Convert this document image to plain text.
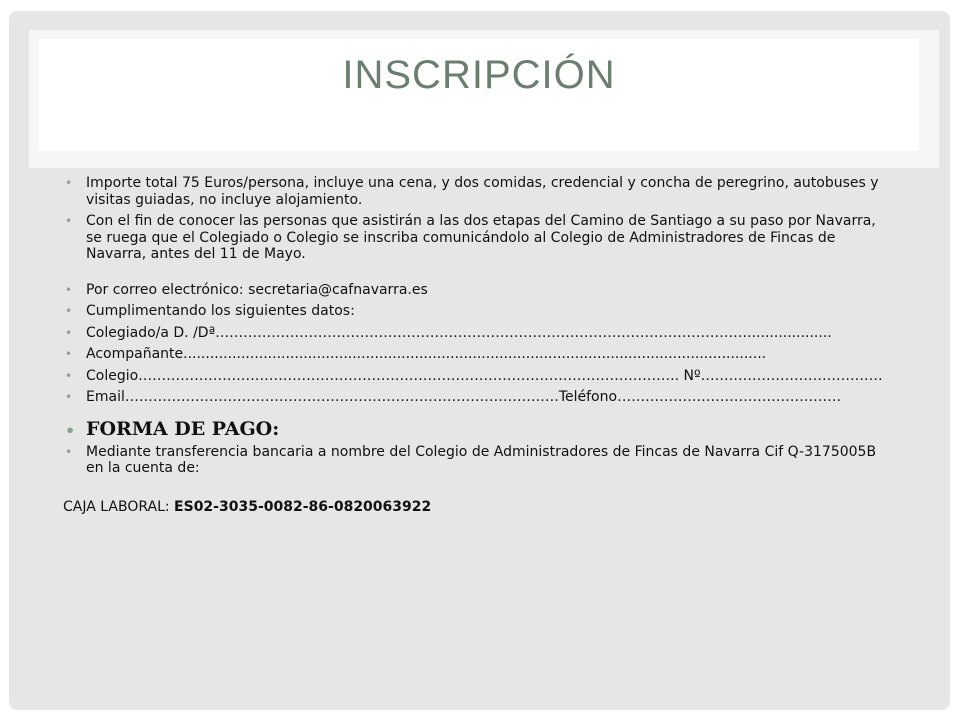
INSCRIPCIÓN
• Importe total 75 Euros/persona, incluye una cena, y dos comidas, credencial y concha de peregrino, autobuses y visitas guiadas, no incluye alojamiento.
• Con el fin de conocer las personas que asistirán a las dos etapas del Camino de Santiago a su paso por Navarra, se ruega que el Colegiado o Colegio se inscriba comunicándolo al Colegio de Administradores de Fincas de Navarra, antes del 11 de Mayo.
• Por correo electrónico: secretaria@cafnavarra.es
• Cumplimentando los siguientes datos:
• Colegiado/a D. /Dª……………………………………………………………………………………………………...................
• Acompañante...................................................................................................................................
• Colegio…………………………………………………………………………………………………….. Nº…………………………………
• Email…………………………………………………………………………………Teléfono…………………………………………
• FORMA DE PAGO:
• Mediante transferencia bancaria a nombre del Colegio de Administradores de Fincas de Navarra Cif Q-3175005B en la cuenta de:
CAJA LABORAL: ES02-3035-0082-86-0820063922
